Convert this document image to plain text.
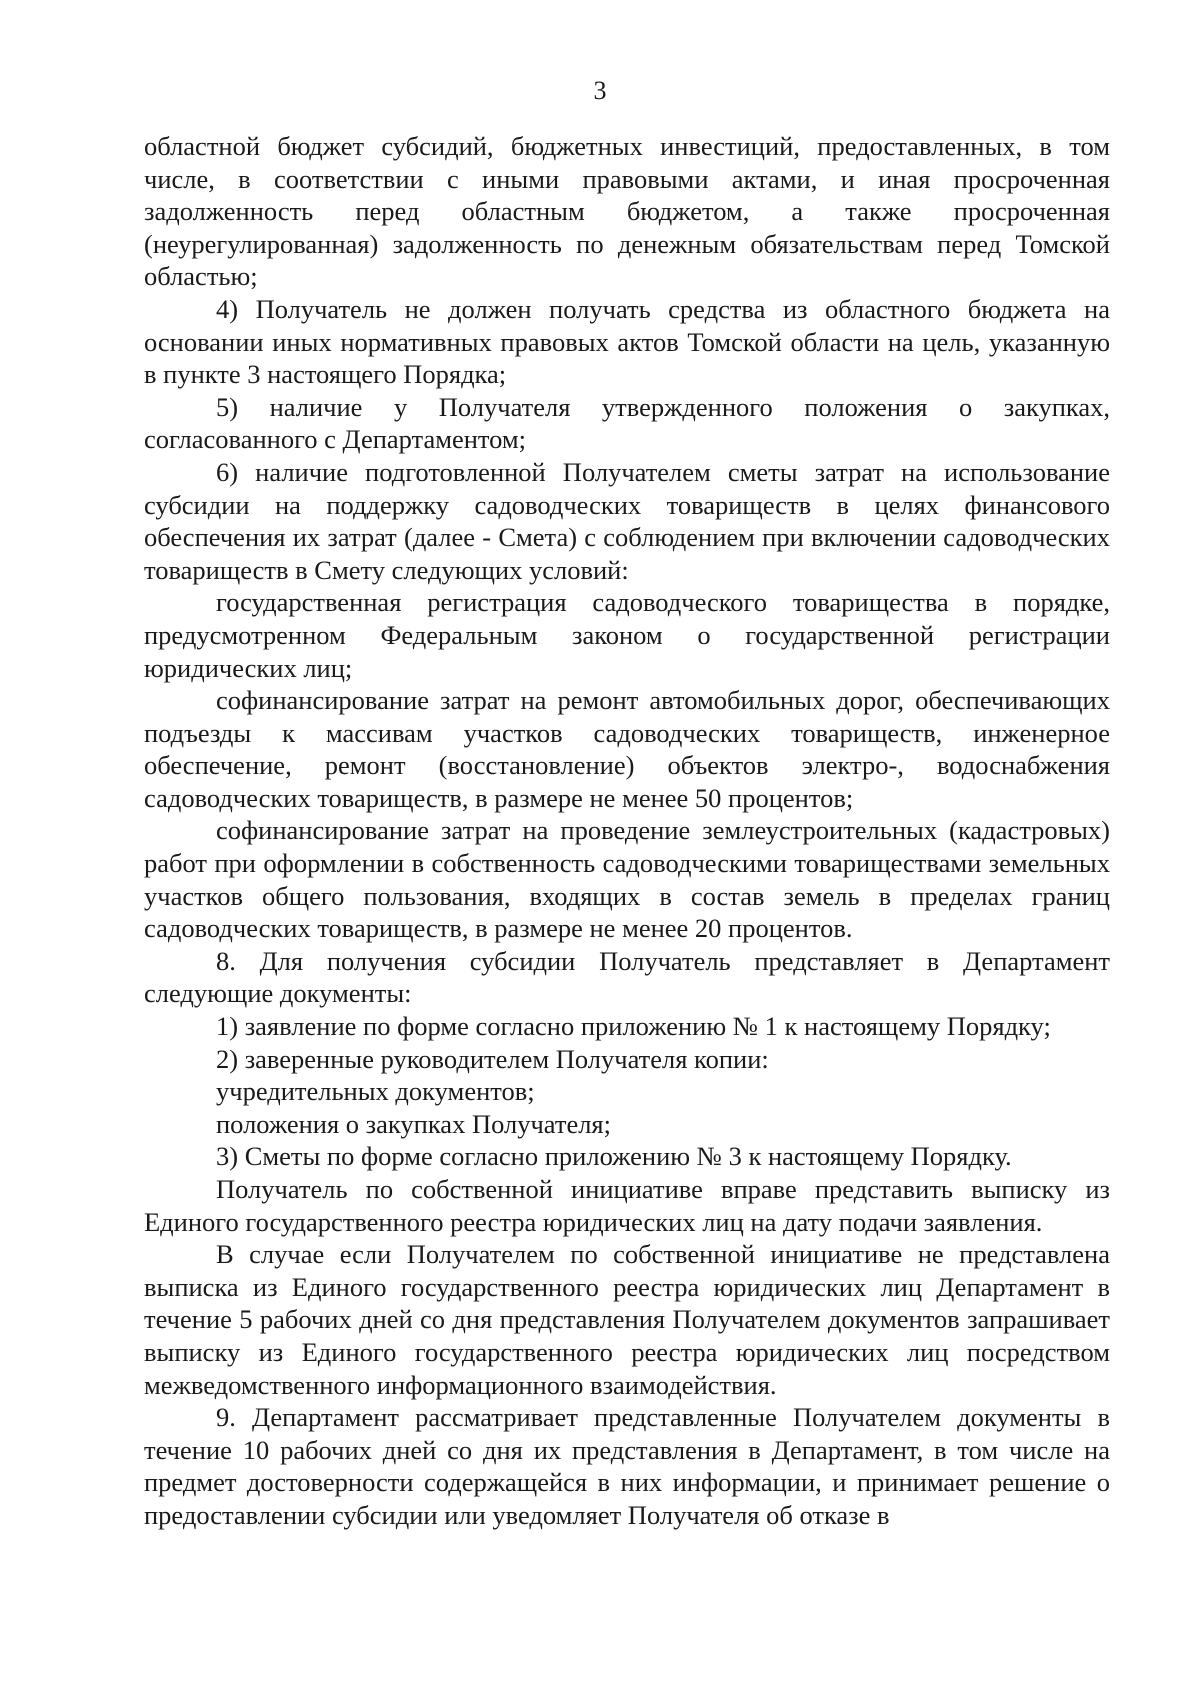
3

областной бюджет субсидий, бюджетных инвестиций, предоставленных, в том числе, в соответствии с иными правовыми актами, и иная просроченная задолженность перед областным бюджетом, а также просроченная (неурегулированная) задолженность по денежным обязательствам перед Томской областью;

4) Получатель не должен получать средства из областного бюджета на основании иных нормативных правовых актов Томской области на цель, указанную в пункте 3 настоящего Порядка;

5) наличие у Получателя утвержденного положения о закупках, согласованного с Департаментом;

6) наличие подготовленной Получателем сметы затрат на использование субсидии на поддержку садоводческих товариществ в целях финансового обеспечения их затрат (далее - Смета) с соблюдением при включении садоводческих товариществ в Смету следующих условий:

государственная регистрация садоводческого товарищества в порядке, предусмотренном Федеральным законом о государственной регистрации юридических лиц;

софинансирование затрат на ремонт автомобильных дорог, обеспечивающих подъезды к массивам участков садоводческих товариществ, инженерное обеспечение, ремонт (восстановление) объектов электро-, водоснабжения садоводческих товариществ, в размере не менее 50 процентов;

софинансирование затрат на проведение землеустроительных (кадастровых) работ при оформлении в собственность садоводческими товариществами земельных участков общего пользования, входящих в состав земель в пределах границ садоводческих товариществ, в размере не менее 20 процентов.

8. Для получения субсидии Получатель представляет в Департамент следующие документы:

1) заявление по форме согласно приложению № 1 к настоящему Порядку;

2) заверенные руководителем Получателя копии:

учредительных документов;

положения о закупках Получателя;

3) Сметы по форме согласно приложению № 3 к настоящему Порядку.

Получатель по собственной инициативе вправе представить выписку из Единого государственного реестра юридических лиц на дату подачи заявления.

В случае если Получателем по собственной инициативе не представлена выписка из Единого государственного реестра юридических лиц Департамент в течение 5 рабочих дней со дня представления Получателем документов запрашивает выписку из Единого государственного реестра юридических лиц посредством межведомственного информационного взаимодействия.

9. Департамент рассматривает представленные Получателем документы в течение 10 рабочих дней со дня их представления в Департамент, в том числе на предмет достоверности содержащейся в них информации, и принимает решение о предоставлении субсидии или уведомляет Получателя об отказе в
